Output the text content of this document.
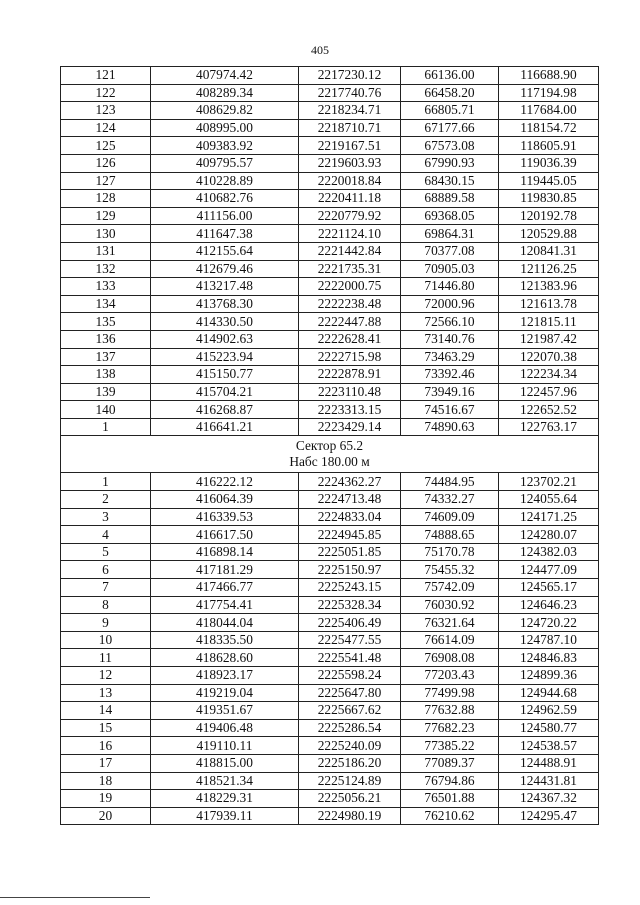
405
121	407974.42	2217230.12	66136.00	116688.90
122	408289.34	2217740.76	66458.20	117194.98
123	408629.82	2218234.71	66805.71	117684.00
124	408995.00	2218710.71	67177.66	118154.72
125	409383.92	2219167.51	67573.08	118605.91
126	409795.57	2219603.93	67990.93	119036.39
127	410228.89	2220018.84	68430.15	119445.05
128	410682.76	2220411.18	68889.58	119830.85
129	411156.00	2220779.92	69368.05	120192.78
130	411647.38	2221124.10	69864.31	120529.88
131	412155.64	2221442.84	70377.08	120841.31
132	412679.46	2221735.31	70905.03	121126.25
133	413217.48	2222000.75	71446.80	121383.96
134	413768.30	2222238.48	72000.96	121613.78
135	414330.50	2222447.88	72566.10	121815.11
136	414902.63	2222628.41	73140.76	121987.42
137	415223.94	2222715.98	73463.29	122070.38
138	415150.77	2222878.91	73392.46	122234.34
139	415704.21	2223110.48	73949.16	122457.96
140	416268.87	2223313.15	74516.67	122652.52
1	416641.21	2223429.14	74890.63	122763.17

Сектор 65.2
Набс 180.00 м				

1	416222.12	2224362.27	74484.95	123702.21
2	416064.39	2224713.48	74332.27	124055.64
3	416339.53	2224833.04	74609.09	124171.25
4	416617.50	2224945.85	74888.65	124280.07
5	416898.14	2225051.85	75170.78	124382.03
6	417181.29	2225150.97	75455.32	124477.09
7	417466.77	2225243.15	75742.09	124565.17
8	417754.41	2225328.34	76030.92	124646.23
9	418044.04	2225406.49	76321.64	124720.22
10	418335.50	2225477.55	76614.09	124787.10
11	418628.60	2225541.48	76908.08	124846.83
12	418923.17	2225598.24	77203.43	124899.36
13	419219.04	2225647.80	77499.98	124944.68
14	419351.67	2225667.62	77632.88	124962.59
15	419406.48	2225286.54	77682.23	124580.77
16	419110.11	2225240.09	77385.22	124538.57
17	418815.00	2225186.20	77089.37	124488.91
18	418521.34	2225124.89	76794.86	124431.81
19	418229.31	2225056.21	76501.88	124367.32
20	417939.11	2224980.19	76210.62	124295.47
